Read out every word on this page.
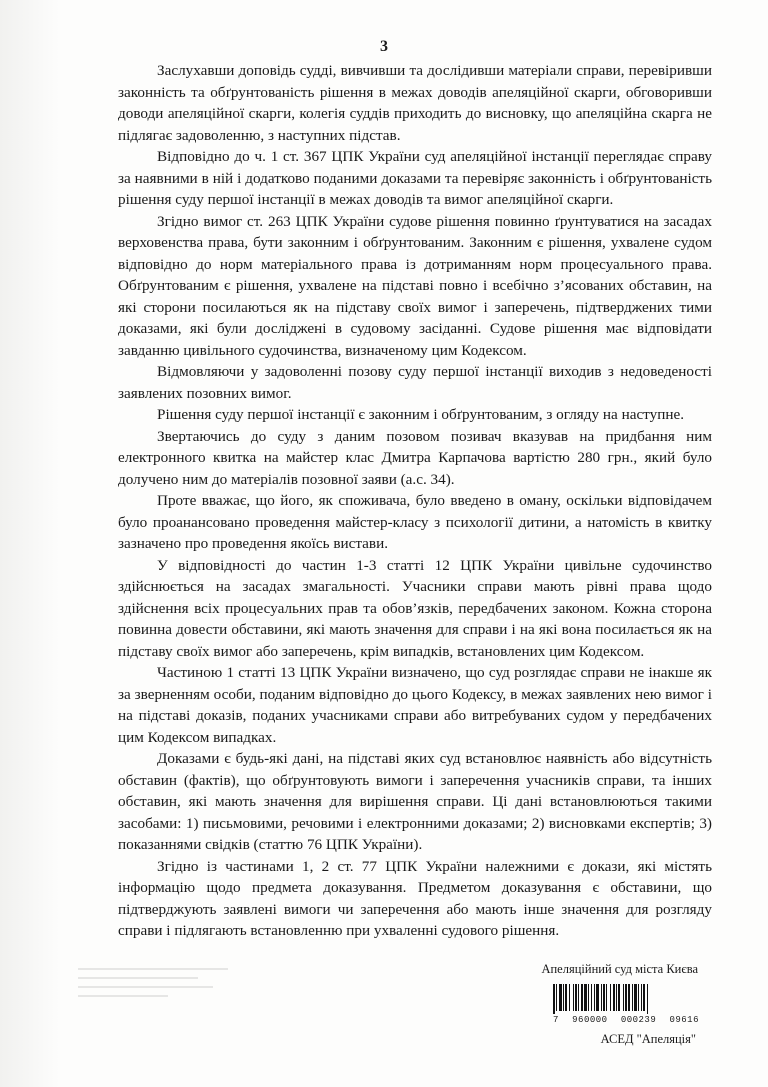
3

Заслухавши доповідь судді, вивчивши та дослідивши матеріали справи, перевіривши законність та обґрунтованість рішення в межах доводів апеляційної скарги, обговоривши доводи апеляційної скарги, колегія суддів приходить до висновку, що апеляційна скарга не підлягає задоволенню, з наступних підстав.

Відповідно до ч. 1 ст. 367 ЦПК України суд апеляційної інстанції переглядає справу за наявними в ній і додатково поданими доказами та перевіряє законність і обґрунтованість рішення суду першої інстанції в межах доводів та вимог апеляційної скарги.

Згідно вимог ст. 263 ЦПК України судове рішення повинно ґрунтуватися на засадах верховенства права, бути законним і обґрунтованим. Законним є рішення, ухвалене судом відповідно до норм матеріального права із дотриманням норм процесуального права. Обґрунтованим є рішення, ухвалене на підставі повно і всебічно з’ясованих обставин, на які сторони посилаються як на підставу своїх вимог і заперечень, підтверджених тими доказами, які були досліджені в судовому засіданні. Судове рішення має відповідати завданню цивільного судочинства, визначеному цим Кодексом.

Відмовляючи у задоволенні позову суду першої інстанції виходив з недоведеності заявлених позовних вимог.

Рішення суду першої інстанції є законним і обґрунтованим, з огляду на наступне.

Звертаючись до суду з даним позовом позивач вказував на придбання ним електронного квитка на майстер клас Дмитра Карпачова вартістю 280 грн., який було долучено ним до матеріалів позовної заяви (а.с. 34).

Проте вважає, що його, як споживача, було введено в оману, оскільки відповідачем було проанансовано проведення майстер-класу з психології дитини, а натомість в квитку зазначено про проведення якоїсь вистави.

У відповідності до частин 1-3 статті 12 ЦПК України цивільне судочинство здійснюється на засадах змагальності. Учасники справи мають рівні права щодо здійснення всіх процесуальних прав та обов’язків, передбачених законом. Кожна сторона повинна довести обставини, які мають значення для справи і на які вона посилається як на підставу своїх вимог або заперечень, крім випадків, встановлених цим Кодексом.

Частиною 1 статті 13 ЦПК України визначено, що суд розглядає справи не інакше як за зверненням особи, поданим відповідно до цього Кодексу, в межах заявлених нею вимог і на підставі доказів, поданих учасниками справи або витребуваних судом у передбачених цим Кодексом випадках.

Доказами є будь-які дані, на підставі яких суд встановлює наявність або відсутність обставин (фактів), що обґрунтовують вимоги і заперечення учасників справи, та інших обставин, які мають значення для вирішення справи. Ці дані встановлюються такими засобами: 1) письмовими, речовими і електронними доказами; 2) висновками експертів; 3) показаннями свідків (статтю 76 ЦПК України).

Згідно із частинами 1, 2 ст. 77 ЦПК України належними є докази, які містять інформацію щодо предмета доказування. Предметом доказування є обставини, що підтверджують заявлені вимоги чи заперечення або мають інше значення для розгляду справи і підлягають встановленню при ухваленні судового рішення.

Апеляційний суд міста Києва
7 960000 000239 09616
АСЕД "Апеляція"
